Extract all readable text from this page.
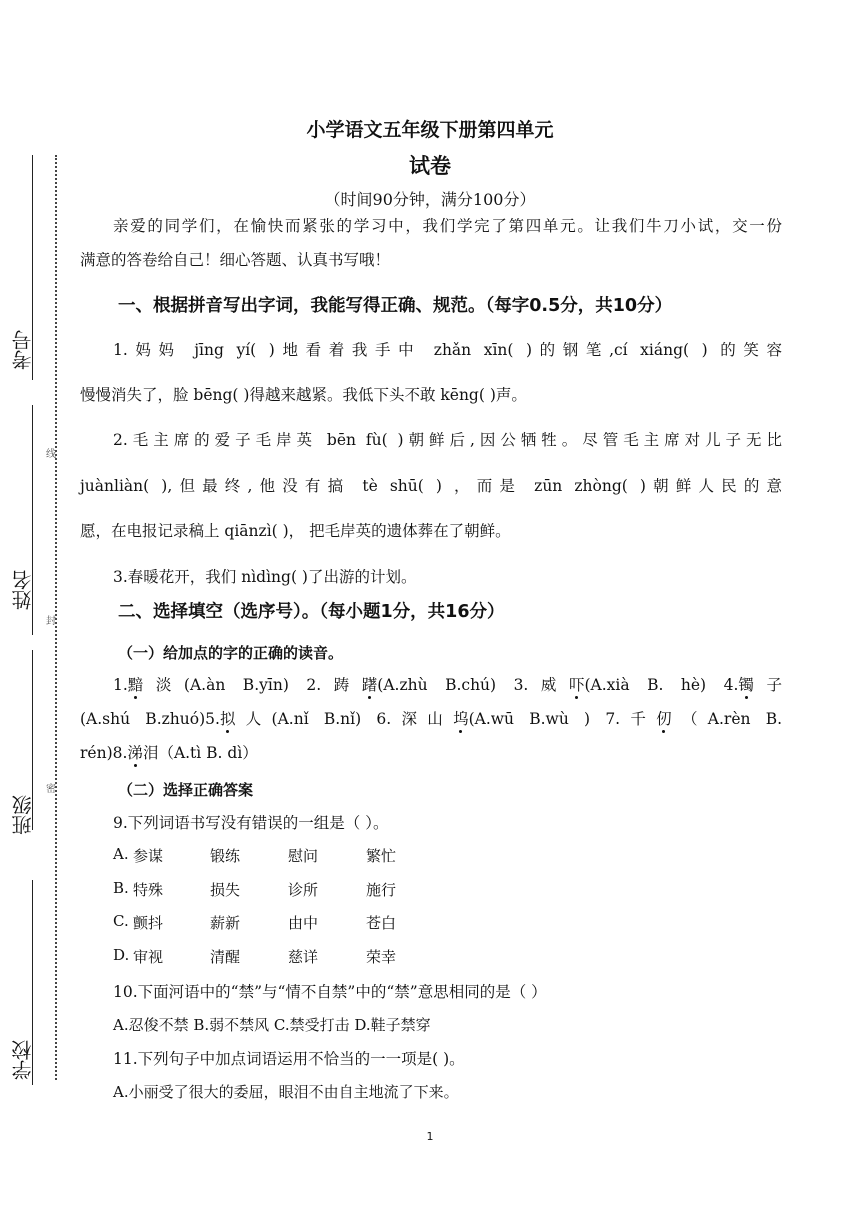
考号
姓名
班级
学校
线
封
密
小学语文五年级下册第四单元
试卷
（时间90分钟，满分100分）
亲爱的同学们，在愉快而紧张的学习中，我们学完了第四单元。让我们牛刀小试，交一份
满意的答卷给自己！细心答题、认真书写哦！
一、根据拼音写出字词，我能写得正确、规范。（每字0.5分，共10分）
1.妈妈 jīng yí( )地看着我手中 zhǎn xīn( )的钢笔,cí xiáng( ) 的笑容
慢慢消失了，脸 bēng( )得越来越紧。我低下头不敢 kēng( )声。
2.毛主席的爱子毛岸英 bēn fù( )朝鲜后,因公牺牲。尽管毛主席对儿子无比
juànliàn( ),但最终,他没有搞 tè shū( ) ，而是 zūn zhòng( )朝鲜人民的意
愿，在电报记录稿上 qiānzì( )， 把毛岸英的遗体葬在了朝鲜。
3.春暖花开，我们 nìdìng( )了出游的计划。
二、选择填空（选序号）。（每小题1分，共16分）
（一）给加点的字的正确的读音。
1.黯淡(A.àn B.yīn) 2.踌躇(A.zhù B.chú) 3.威吓(A.xià B. hè) 4.镯子
(A.shú B.zhuó)5.拟人(A.nǐ B.nǐ) 6.深山坞(A.wū B.wù ) 7.千仞（A.rèn B.
rén)8.涕泪（A.tì B. dì）
（二）选择正确答案
9.下列词语书写没有错误的一组是（ ）。
A. 参谋	锻练	慰问	繁忙
B. 特殊	损失	诊所	施行
C. 颤抖	薪新	由中	苍白
D. 审视	清醒	慈详	荣幸
10.下面河语中的“禁”与“情不自禁”中的“禁”意思相同的是（ ）
A.忍俊不禁 B.弱不禁风 C.禁受打击 D.鞋子禁穿
11.下列句子中加点词语运用不恰当的一一项是( )。
A.小丽受了很大的委屈，眼泪不由自主地流了下来。
1
